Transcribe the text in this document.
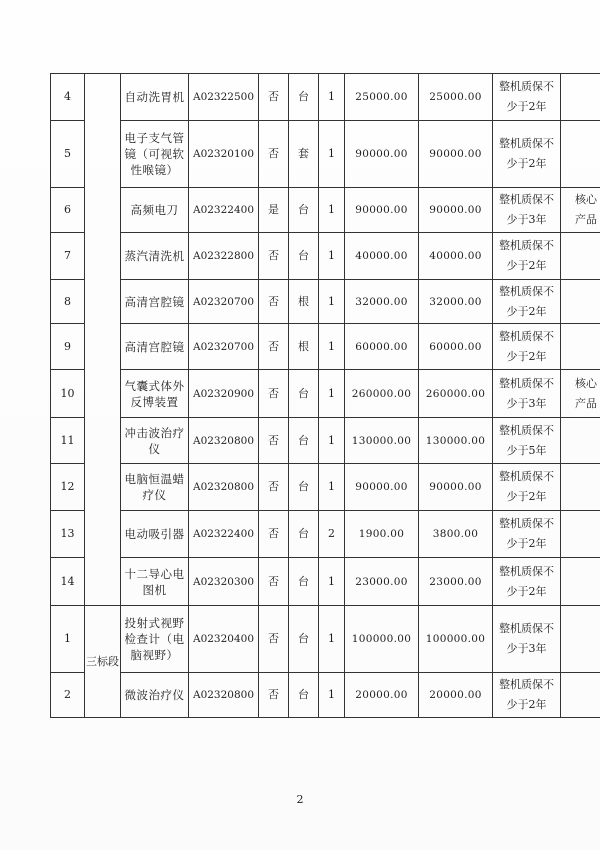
4		自动洗胃机	A02322500	否	台	1	25000.00	25000.00	整机质保不
少于2年	
5		电子支气管
镜（可视软
性喉镜）	A02320100	否	套	1	90000.00	90000.00	整机质保不
少于2年	
6		高频电刀	A02322400	是	台	1	90000.00	90000.00	整机质保不
少于3年	核心
产品
7		蒸汽清洗机	A02322800	否	台	1	40000.00	40000.00	整机质保不
少于2年	
8		高清宫腔镜	A02320700	否	根	1	32000.00	32000.00	整机质保不
少于2年	
9		高清宫腔镜	A02320700	否	根	1	60000.00	60000.00	整机质保不
少于2年	
10		气囊式体外
反博装置	A02320900	否	台	1	260000.00	260000.00	整机质保不
少于3年	核心
产品
11		冲击波治疗
仪	A02320800	否	台	1	130000.00	130000.00	整机质保不
少于5年	
12		电脑恒温蜡
疗仪	A02320800	否	台	1	90000.00	90000.00	整机质保不
少于2年	
13		电动吸引器	A02322400	否	台	2	1900.00	3800.00	整机质保不
少于2年	
14		十二导心电
图机	A02320300	否	台	1	23000.00	23000.00	整机质保不
少于2年	
1	三标段	投射式视野
检查计（电
脑视野）	A02320400	否	台	1	100000.00	100000.00	整机质保不
少于3年	
2		微波治疗仪	A02320800	否	台	1	20000.00	20000.00	整机质保不
少于2年	
2
